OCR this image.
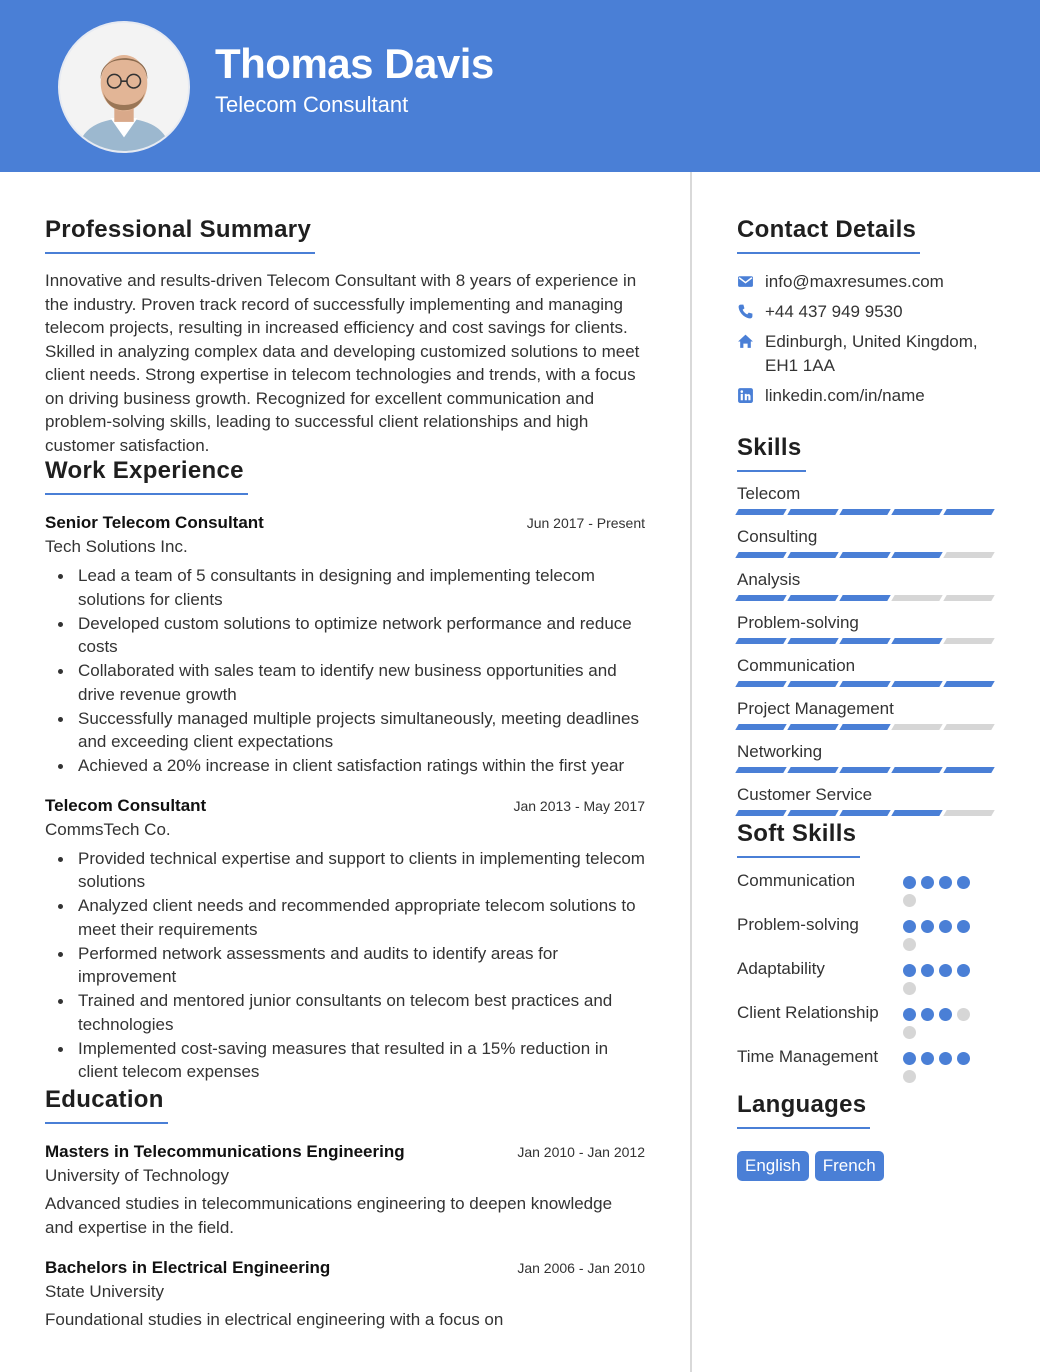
Thomas Davis
Telecom Consultant
Professional Summary

Innovative and results-driven Telecom Consultant with 8 years of experience in the industry. Proven track record of successfully implementing and managing telecom projects, resulting in increased efficiency and cost savings for clients. Skilled in analyzing complex data and developing customized solutions to meet client needs. Strong expertise in telecom technologies and trends, with a focus on driving business growth. Recognized for excellent communication and problem-solving skills, leading to successful client relationships and high customer satisfaction.

Work Experience
Senior Telecom Consultant	Jun 2017 - Present
Tech Solutions Inc.
Lead a team of 5 consultants in designing and implementing telecom solutions for clients
Developed custom solutions to optimize network performance and reduce costs
Collaborated with sales team to identify new business opportunities and drive revenue growth
Successfully managed multiple projects simultaneously, meeting deadlines and exceeding client expectations
Achieved a 20% increase in client satisfaction ratings within the first year
Telecom Consultant	Jan 2013 - May 2017
CommsTech Co.
Provided technical expertise and support to clients in implementing telecom solutions
Analyzed client needs and recommended appropriate telecom solutions to meet their requirements
Performed network assessments and audits to identify areas for improvement
Trained and mentored junior consultants on telecom best practices and technologies
Implemented cost-saving measures that resulted in a 15% reduction in client telecom expenses
Education
Masters in Telecommunications Engineering	Jan 2010 - Jan 2012
University of Technology
Advanced studies in telecommunications engineering to deepen knowledge and expertise in the field.
Bachelors in Electrical Engineering	Jan 2006 - Jan 2010
State University
Foundational studies in electrical engineering with a focus on
Contact Details
info@maxresumes.com
+44 437 949 9530
Edinburgh, United Kingdom, EH1 1AA
linkedin.com/in/name
Skills
Telecom
Consulting
Analysis
Problem-solving
Communication
Project Management
Networking
Customer Service
Soft Skills
Communication
Problem-solving
Adaptability
Client Relationship
Time Management
Languages
English	French
